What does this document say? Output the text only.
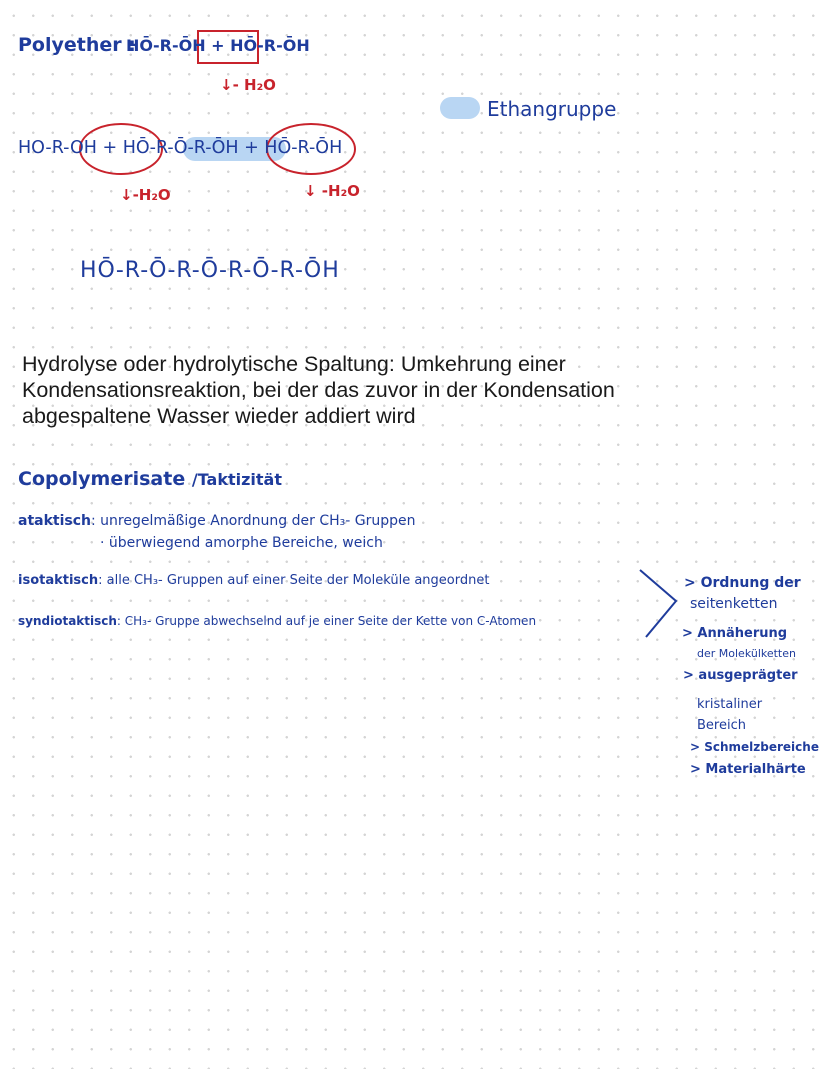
Polyether :
HŌ-R-ŌH + HŌ-R-ŌH
↓- H₂O
Ethangruppe
HO-R-OH + HŌ-R-Ō-R-ŌH + HŌ-R-ŌH
↓-H₂O	↓ -H₂O
HŌ-R-Ō-R-Ō-R-Ō-R-ŌH
Hydrolyse oder hydrolytische Spaltung: Umkehrung einer
Kondensationsreaktion, bei der das zuvor in der Kondensation
abgespaltene Wasser wieder addiert wird
Copolymerisate /Taktizität
ataktisch: unregelmäßige Anordnung der CH₃- Gruppen
· überwiegend amorphe Bereiche, weich
isotaktisch: alle CH₃- Gruppen auf einer Seite der Moleküle angeordnet
syndiotaktisch: CH₃- Gruppe abwechselnd auf je einer Seite der Kette von C-Atomen
> Ordnung der
seitenketten
> Annäherung
der Molekülketten
> ausgeprägter
kristaliner
Bereich
> Schmelzbereiche
> Materialhärte
